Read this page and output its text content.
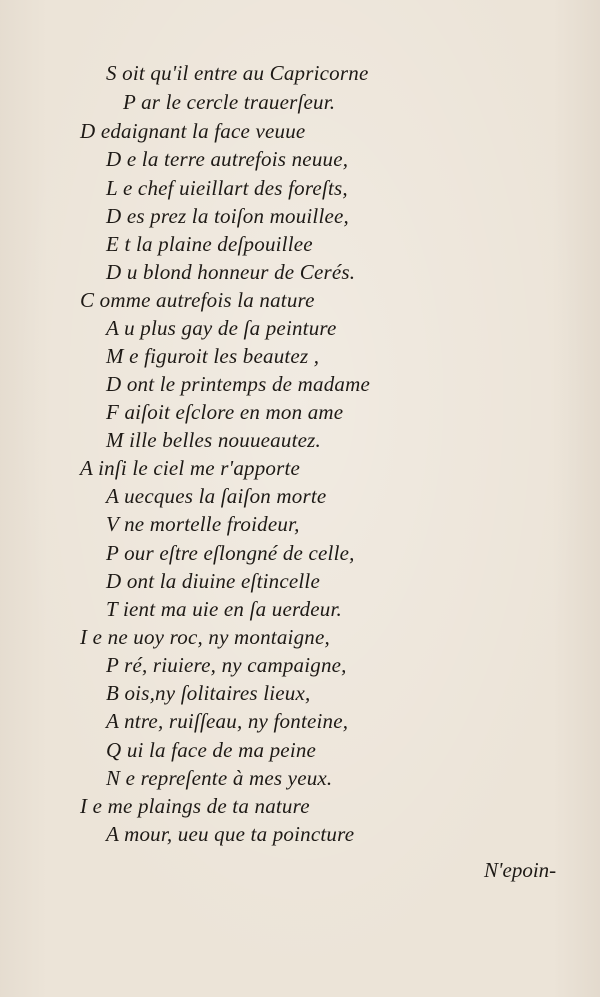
S oit qu'il entre au Capricorne
P ar le cercle trauerſeur.
D edaignant la face veuue
D e la terre autrefois neuue,
L e chef uieillart des foreſts,
D es prez la toiſon mouillee,
E t la plaine deſpouillee
D u blond honneur de Cerés.
C omme autrefois la nature
A u plus gay de ſa peinture
M e figuroit les beautez ,
D ont le printemps de madame
F aiſoit eſclore en mon ame
M ille belles nouueautez.
A inſi le ciel me r'apporte
A uecques la ſaiſon morte
V ne mortelle froideur,
P our eſtre eſlongné de celle,
D ont la diuine eſtincelle
T ient ma uie en ſa uerdeur.
I e ne uoy roc, ny montaigne,
P ré, riuiere, ny campaigne,
B ois,ny ſolitaires lieux,
A ntre, ruiſſeau, ny fonteine,
Q ui la face de ma peine
N e repreſente à mes yeux.
I e me plaings de ta nature
A mour, ueu que ta poincture
N'epoin-
